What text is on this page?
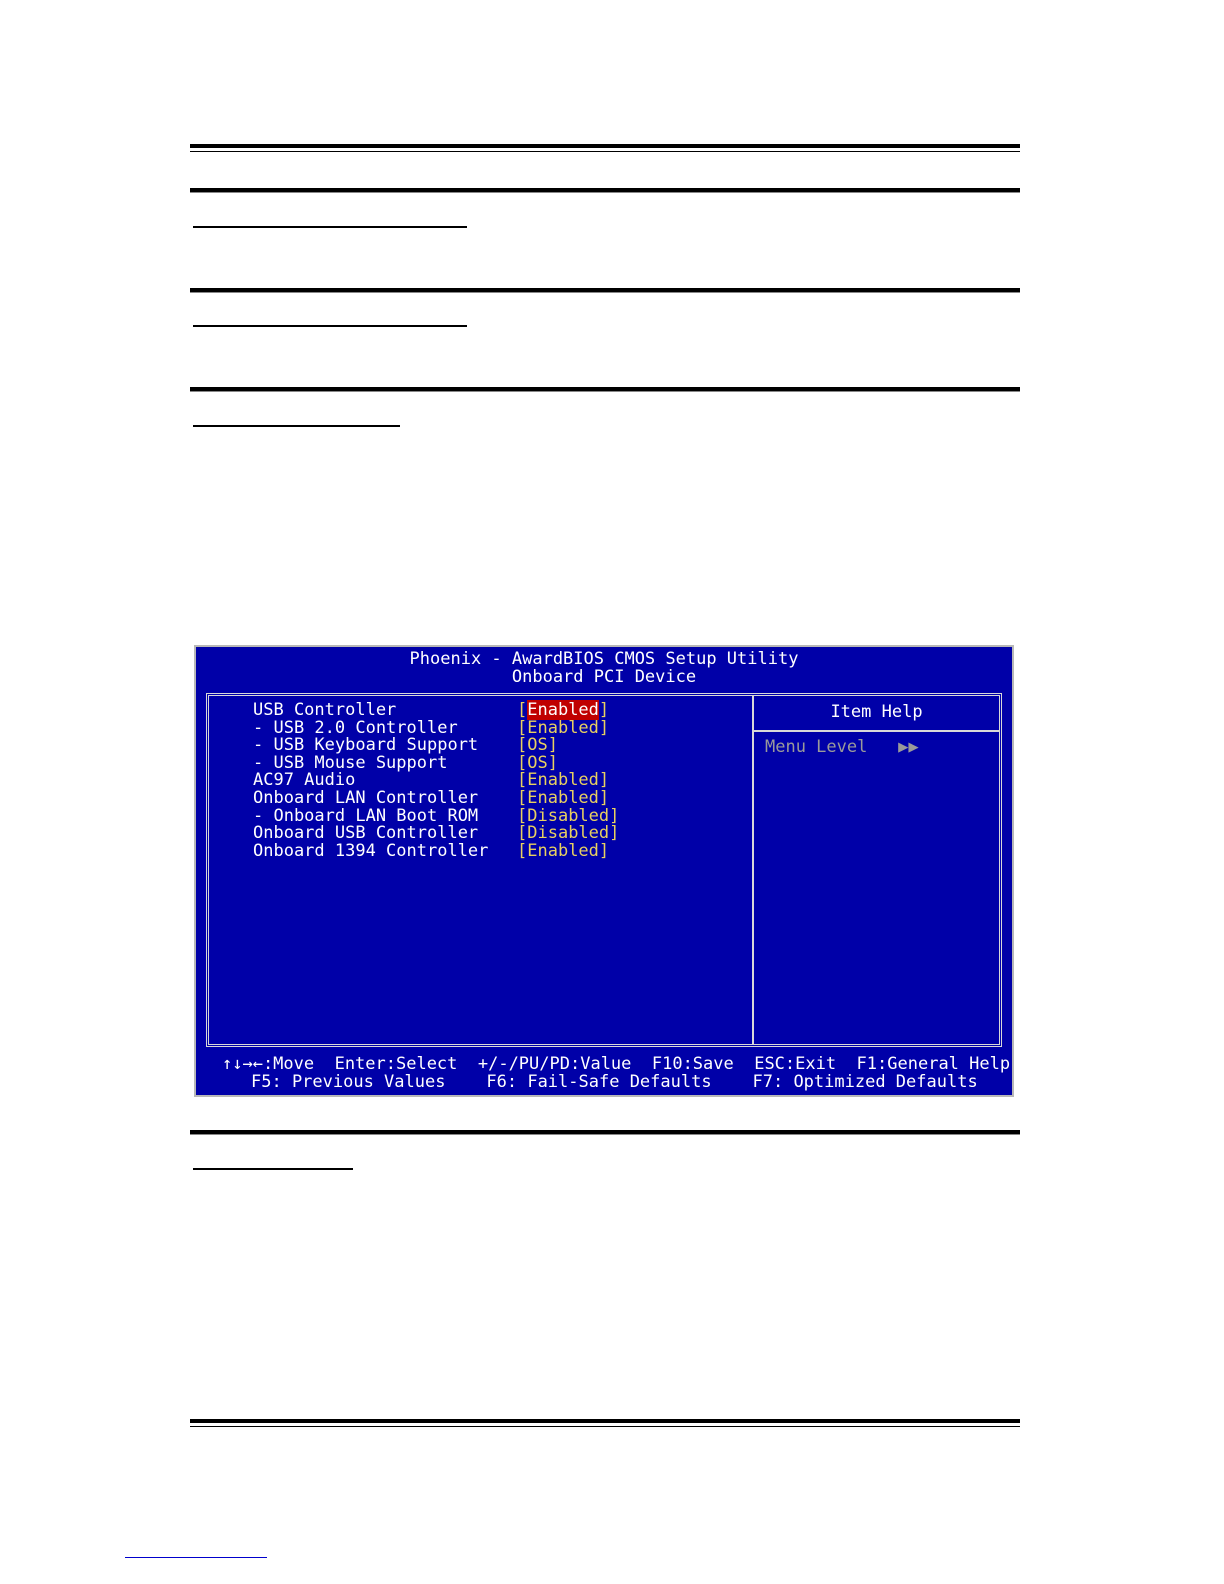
Phoenix - AwardBIOS CMOS Setup Utility
Onboard PCI Device
USB Controller	[Enabled]
- USB 2.0 Controller	[Enabled]
- USB Keyboard Support	[OS]
- USB Mouse Support	[OS]
AC97 Audio	[Enabled]
Onboard LAN Controller	[Enabled]
- Onboard LAN Boot ROM	[Disabled]
Onboard USB Controller	[Disabled]
Onboard 1394 Controller	[Enabled]
Item Help
Menu Level ▶▶
↑↓→←:Move  Enter:Select  +/-/PU/PD:Value  F10:Save  ESC:Exit  F1:General Help
F5: Previous Values    F6: Fail-Safe Defaults    F7: Optimized Defaults
